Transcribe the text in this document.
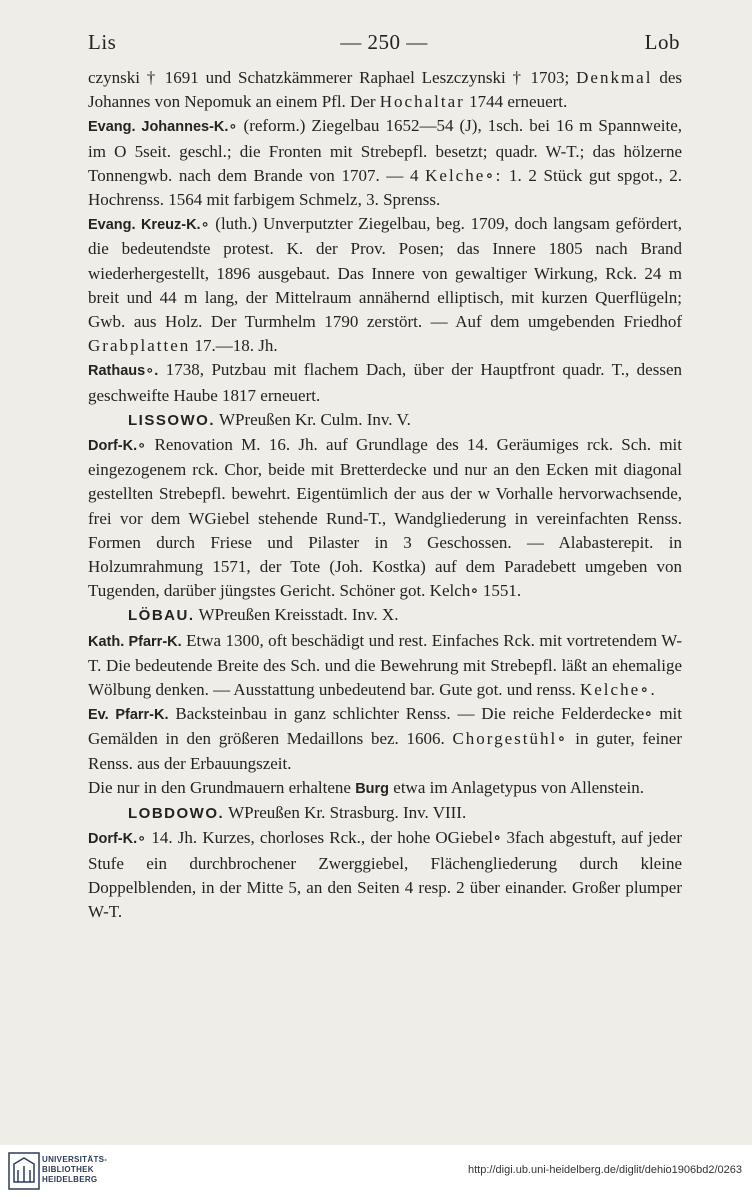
Lis	— 250 —	Lob

czynski † 1691 und Schatzkämmerer Raphael Leszczynski † 1703; Denkmal des Johannes von Nepomuk an einem Pfl. Der Hochaltar 1744 erneuert.

Evang. Johannes-K.∘ (reform.) Ziegelbau 1652—54 (J), 1sch. bei 16 m Spannweite, im O 5seit. geschl.; die Fronten mit Strebepfl. besetzt; quadr. W-T.; das hölzerne Tonnengwb. nach dem Brande von 1707. — 4 Kelche∘: 1. 2 Stück gut spgot., 2. Hochrenss. 1564 mit farbigem Schmelz, 3. Sprenss.

Evang. Kreuz-K.∘ (luth.) Unverputzter Ziegelbau, beg. 1709, doch langsam gefördert, die bedeutendste protest. K. der Prov. Posen; das Innere 1805 nach Brand wiederhergestellt, 1896 ausgebaut. Das Innere von gewaltiger Wirkung, Rck. 24 m breit und 44 m lang, der Mittelraum annähernd elliptisch, mit kurzen Querflügeln; Gwb. aus Holz. Der Turmhelm 1790 zerstört. — Auf dem umgebenden Friedhof Grabplatten 17.—18. Jh.

Rathaus∘. 1738, Putzbau mit flachem Dach, über der Hauptfront quadr. T., dessen geschweifte Haube 1817 erneuert.

LISSOWO. WPreußen Kr. Culm. Inv. V.

Dorf-K.∘ Renovation M. 16. Jh. auf Grundlage des 14. Geräumiges rck. Sch. mit eingezogenem rck. Chor, beide mit Bretterdecke und nur an den Ecken mit diagonal gestellten Strebepfl. bewehrt. Eigentümlich der aus der w Vorhalle hervorwachsende, frei vor dem WGiebel stehende Rund-T., Wandgliederung in vereinfachten Renss. Formen durch Friese und Pilaster in 3 Geschossen. — Alabasterepit. in Holzumrahmung 1571, der Tote (Joh. Kostka) auf dem Paradebett umgeben von Tugenden, darüber jüngstes Gericht. Schöner got. Kelch∘ 1551.

LÖBAU. WPreußen Kreisstadt. Inv. X.

Kath. Pfarr-K. Etwa 1300, oft beschädigt und rest. Einfaches Rck. mit vortretendem W-T. Die bedeutende Breite des Sch. und die Bewehrung mit Strebepfl. läßt an ehemalige Wölbung denken. — Ausstattung unbedeutend bar. Gute got. und renss. Kelche∘.

Ev. Pfarr-K. Backsteinbau in ganz schlichter Renss. — Die reiche Felderdecke∘ mit Gemälden in den größeren Medaillons bez. 1606. Chorgestühl∘ in guter, feiner Renss. aus der Erbauungszeit.

Die nur in den Grundmauern erhaltene Burg etwa im Anlagetypus von Allenstein.

LOBDOWO. WPreußen Kr. Strasburg. Inv. VIII.

Dorf-K.∘ 14. Jh. Kurzes, chorloses Rck., der hohe OGiebel∘ 3fach abgestuft, auf jeder Stufe ein durchbrochener Zwerggiebel, Flächengliederung durch kleine Doppelblenden, in der Mitte 5, an den Seiten 4 resp. 2 über einander. Großer plumper W-T.

UNIVERSITÄTS-
BIBLIOTHEK
HEIDELBERG
http://digi.ub.uni-heidelberg.de/diglit/dehio1906bd2/0263
